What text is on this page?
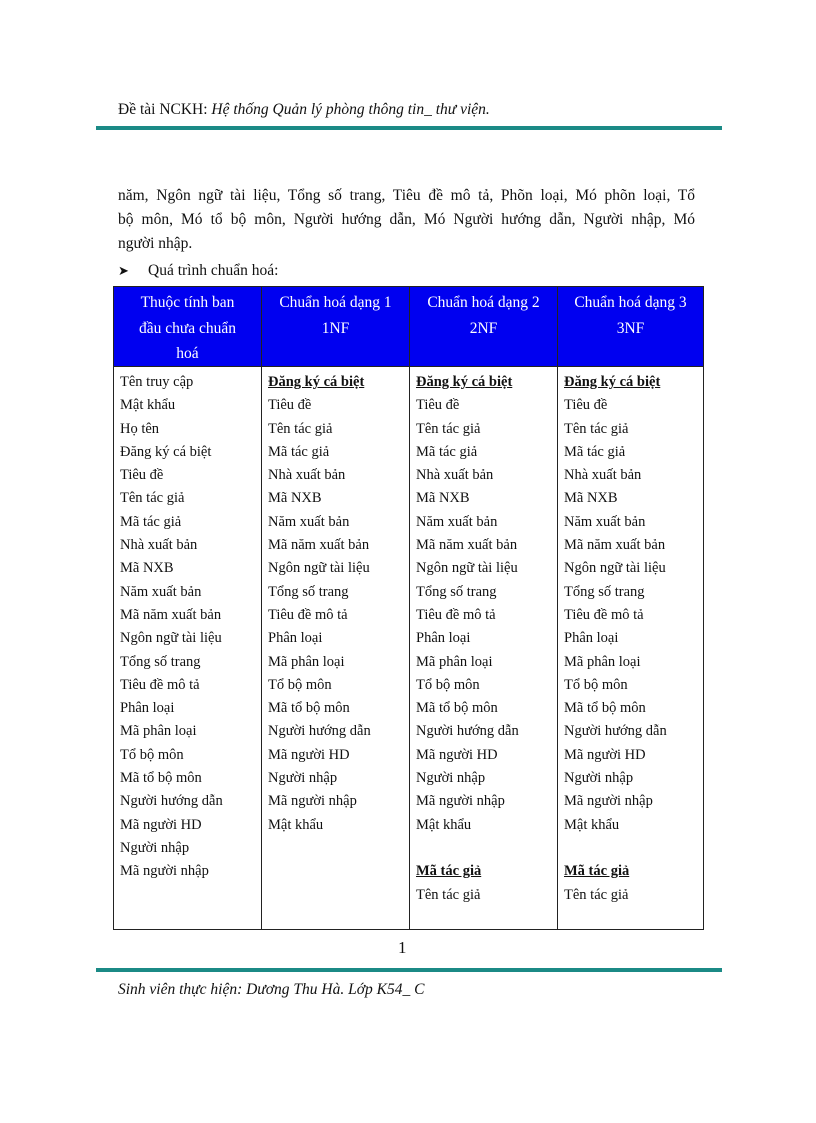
Đề tài NCKH: Hệ thống Quản lý phòng thông tin_ thư viện.
năm, Ngôn ngữ tài liệu, Tổng số trang, Tiêu đề mô tả, Phõn loại, Mó phõn loại, Tổ
bộ môn, Mó tổ bộ môn, Người hướng dẫn, Mó Người hướng dẫn, Người nhập, Mó
người nhập.
➤ Quá trình chuẩn hoá:
Thuộc tính ban
đầu chưa chuẩn
hoá
Tên truy cập
Mật khẩu
Họ tên
Đăng ký cá biệt
Tiêu đề
Tên tác giả
Mã tác giả
Nhà xuất bản
Mã NXB
Năm xuất bản
Mã năm xuất bản
Ngôn ngữ tài liệu
Tổng số trang
Tiêu đề mô tả
Phân loại
Mã phân loại
Tổ bộ môn
Mã tổ bộ môn
Người hướng dẫn
Mã người HD
Người nhập
Mã người nhập
Chuẩn hoá dạng 1
1NF
Đăng ký cá biệt
Tiêu đề
Tên tác giả
Mã tác giả
Nhà xuất bản
Mã NXB
Năm xuất bản
Mã năm xuất bản
Ngôn ngữ tài liệu
Tổng số trang
Tiêu đề mô tả
Phân loại
Mã phân loại
Tổ bộ môn
Mã tổ bộ môn
Người hướng dẫn
Mã người HD
Người nhập
Mã người nhập
Mật khẩu
Chuẩn hoá dạng 2
2NF
Đăng ký cá biệt
Tiêu đề
Tên tác giả
Mã tác giả
Nhà xuất bản
Mã NXB
Năm xuất bản
Mã năm xuất bản
Ngôn ngữ tài liệu
Tổng số trang
Tiêu đề mô tả
Phân loại
Mã phân loại
Tổ bộ môn
Mã tổ bộ môn
Người hướng dẫn
Mã người HD
Người nhập
Mã người nhập
Mật khẩu
Mã tác giả
Tên tác giả
Chuẩn hoá dạng 3
3NF
Đăng ký cá biệt
Tiêu đề
Tên tác giả
Mã tác giả
Nhà xuất bản
Mã NXB
Năm xuất bản
Mã năm xuất bản
Ngôn ngữ tài liệu
Tổng số trang
Tiêu đề mô tả
Phân loại
Mã phân loại
Tổ bộ môn
Mã tổ bộ môn
Người hướng dẫn
Mã người HD
Người nhập
Mã người nhập
Mật khẩu
Mã tác giả
Tên tác giả
1
Sinh viên thực hiện: Dương Thu Hà. Lớp K54_ C
